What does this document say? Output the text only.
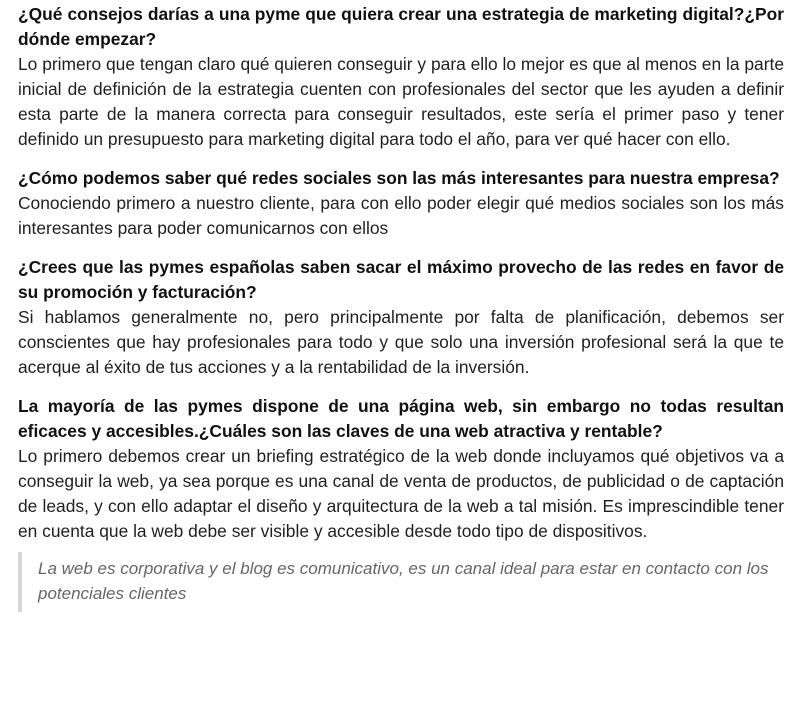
¿Qué consejos darías a una pyme que quiera crear una estrategia de marketing digital?¿Por dónde empezar?

Lo primero que tengan claro qué quieren conseguir y para ello lo mejor es que al menos en la parte inicial de definición de la estrategia cuenten con profesionales del sector que les ayuden a definir esta parte de la manera correcta para conseguir resultados, este sería el primer paso y tener definido un presupuesto para marketing digital para todo el año, para ver qué hacer con ello.

¿Cómo podemos saber qué redes sociales son las más interesantes para nuestra empresa?

Conociendo primero a nuestro cliente, para con ello poder elegir qué medios sociales son los más interesantes para poder comunicarnos con ellos

¿Crees que las pymes españolas saben sacar el máximo provecho de las redes en favor de su promoción y facturación?

Si hablamos generalmente no, pero principalmente por falta de planificación, debemos ser conscientes que hay profesionales para todo y que solo una inversión profesional será la que te acerque al éxito de tus acciones y a la rentabilidad de la inversión.

La mayoría de las pymes dispone de una página web, sin embargo no todas resultan eficaces y accesibles.¿Cuáles son las claves de una web atractiva y rentable?

Lo primero debemos crear un briefing estratégico de la web donde incluyamos qué objetivos va a conseguir la web, ya sea porque es una canal de venta de productos, de publicidad o de captación de leads, y con ello adaptar el diseño y arquitectura de la web a tal misión. Es imprescindible tener en cuenta que la web debe ser visible y accesible desde todo tipo de dispositivos.

La web es corporativa y el blog es comunicativo, es un canal ideal para estar en contacto con los potenciales clientes
